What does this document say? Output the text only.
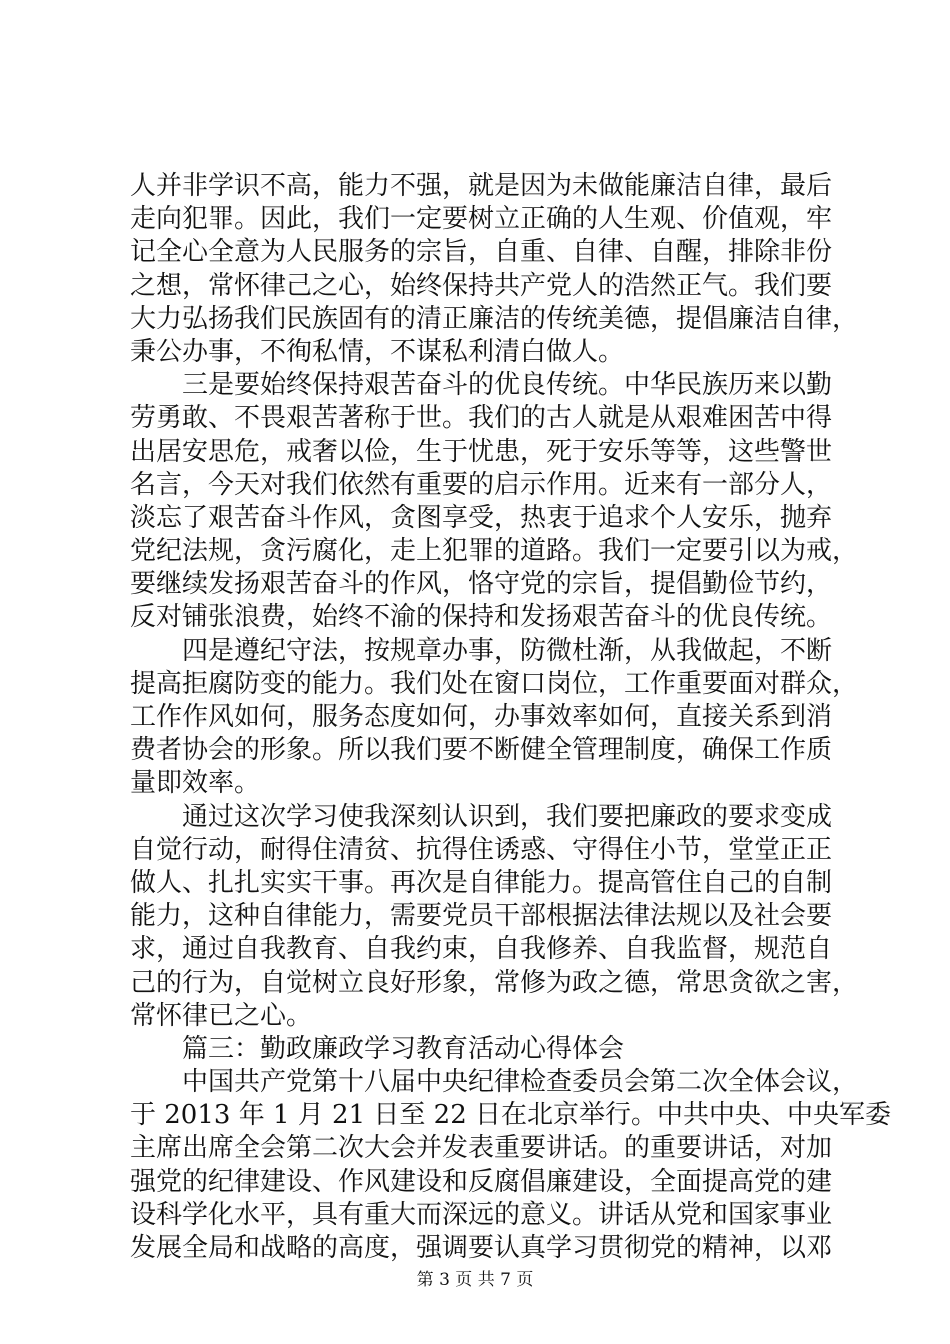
人并非学识不高，能力不强，就是因为未做能廉洁自律，最后
走向犯罪。因此，我们一定要树立正确的人生观、价值观，牢
记全心全意为人民服务的宗旨，自重、自律、自醒，排除非份
之想，常怀律己之心，始终保持共产党人的浩然正气。我们要
大力弘扬我们民族固有的清正廉洁的传统美德，提倡廉洁自律，
秉公办事，不徇私情，不谋私利清白做人。
三是要始终保持艰苦奋斗的优良传统。中华民族历来以勤
劳勇敢、不畏艰苦著称于世。我们的古人就是从艰难困苦中得
出居安思危，戒奢以俭，生于忧患，死于安乐等等，这些警世
名言，今天对我们依然有重要的启示作用。近来有一部分人，
淡忘了艰苦奋斗作风，贪图享受，热衷于追求个人安乐，抛弃
党纪法规，贪污腐化，走上犯罪的道路。我们一定要引以为戒，
要继续发扬艰苦奋斗的作风，恪守党的宗旨，提倡勤俭节约，
反对铺张浪费，始终不渝的保持和发扬艰苦奋斗的优良传统。
四是遵纪守法，按规章办事，防微杜渐，从我做起，不断
提高拒腐防变的能力。我们处在窗口岗位，工作重要面对群众，
工作作风如何，服务态度如何，办事效率如何，直接关系到消
费者协会的形象。所以我们要不断健全管理制度，确保工作质
量即效率。
通过这次学习使我深刻认识到，我们要把廉政的要求变成
自觉行动，耐得住清贫、抗得住诱惑、守得住小节，堂堂正正
做人、扎扎实实干事。再次是自律能力。提高管住自己的自制
能力，这种自律能力，需要党员干部根据法律法规以及社会要
求，通过自我教育、自我约束，自我修养、自我监督，规范自
己的行为，自觉树立良好形象，常修为政之德，常思贪欲之害，
常怀律已之心。
篇三：勤政廉政学习教育活动心得体会
中国共产党第十八届中央纪律检查委员会第二次全体会议，
于 2013 年 1 月 21 日至 22 日在北京举行。中共中央、中央军委
主席出席全会第二次大会并发表重要讲话。的重要讲话，对加
强党的纪律建设、作风建设和反腐倡廉建设，全面提高党的建
设科学化水平，具有重大而深远的意义。讲话从党和国家事业
发展全局和战略的高度，强调要认真学习贯彻党的精神，以邓
第 3 页 共 7 页
